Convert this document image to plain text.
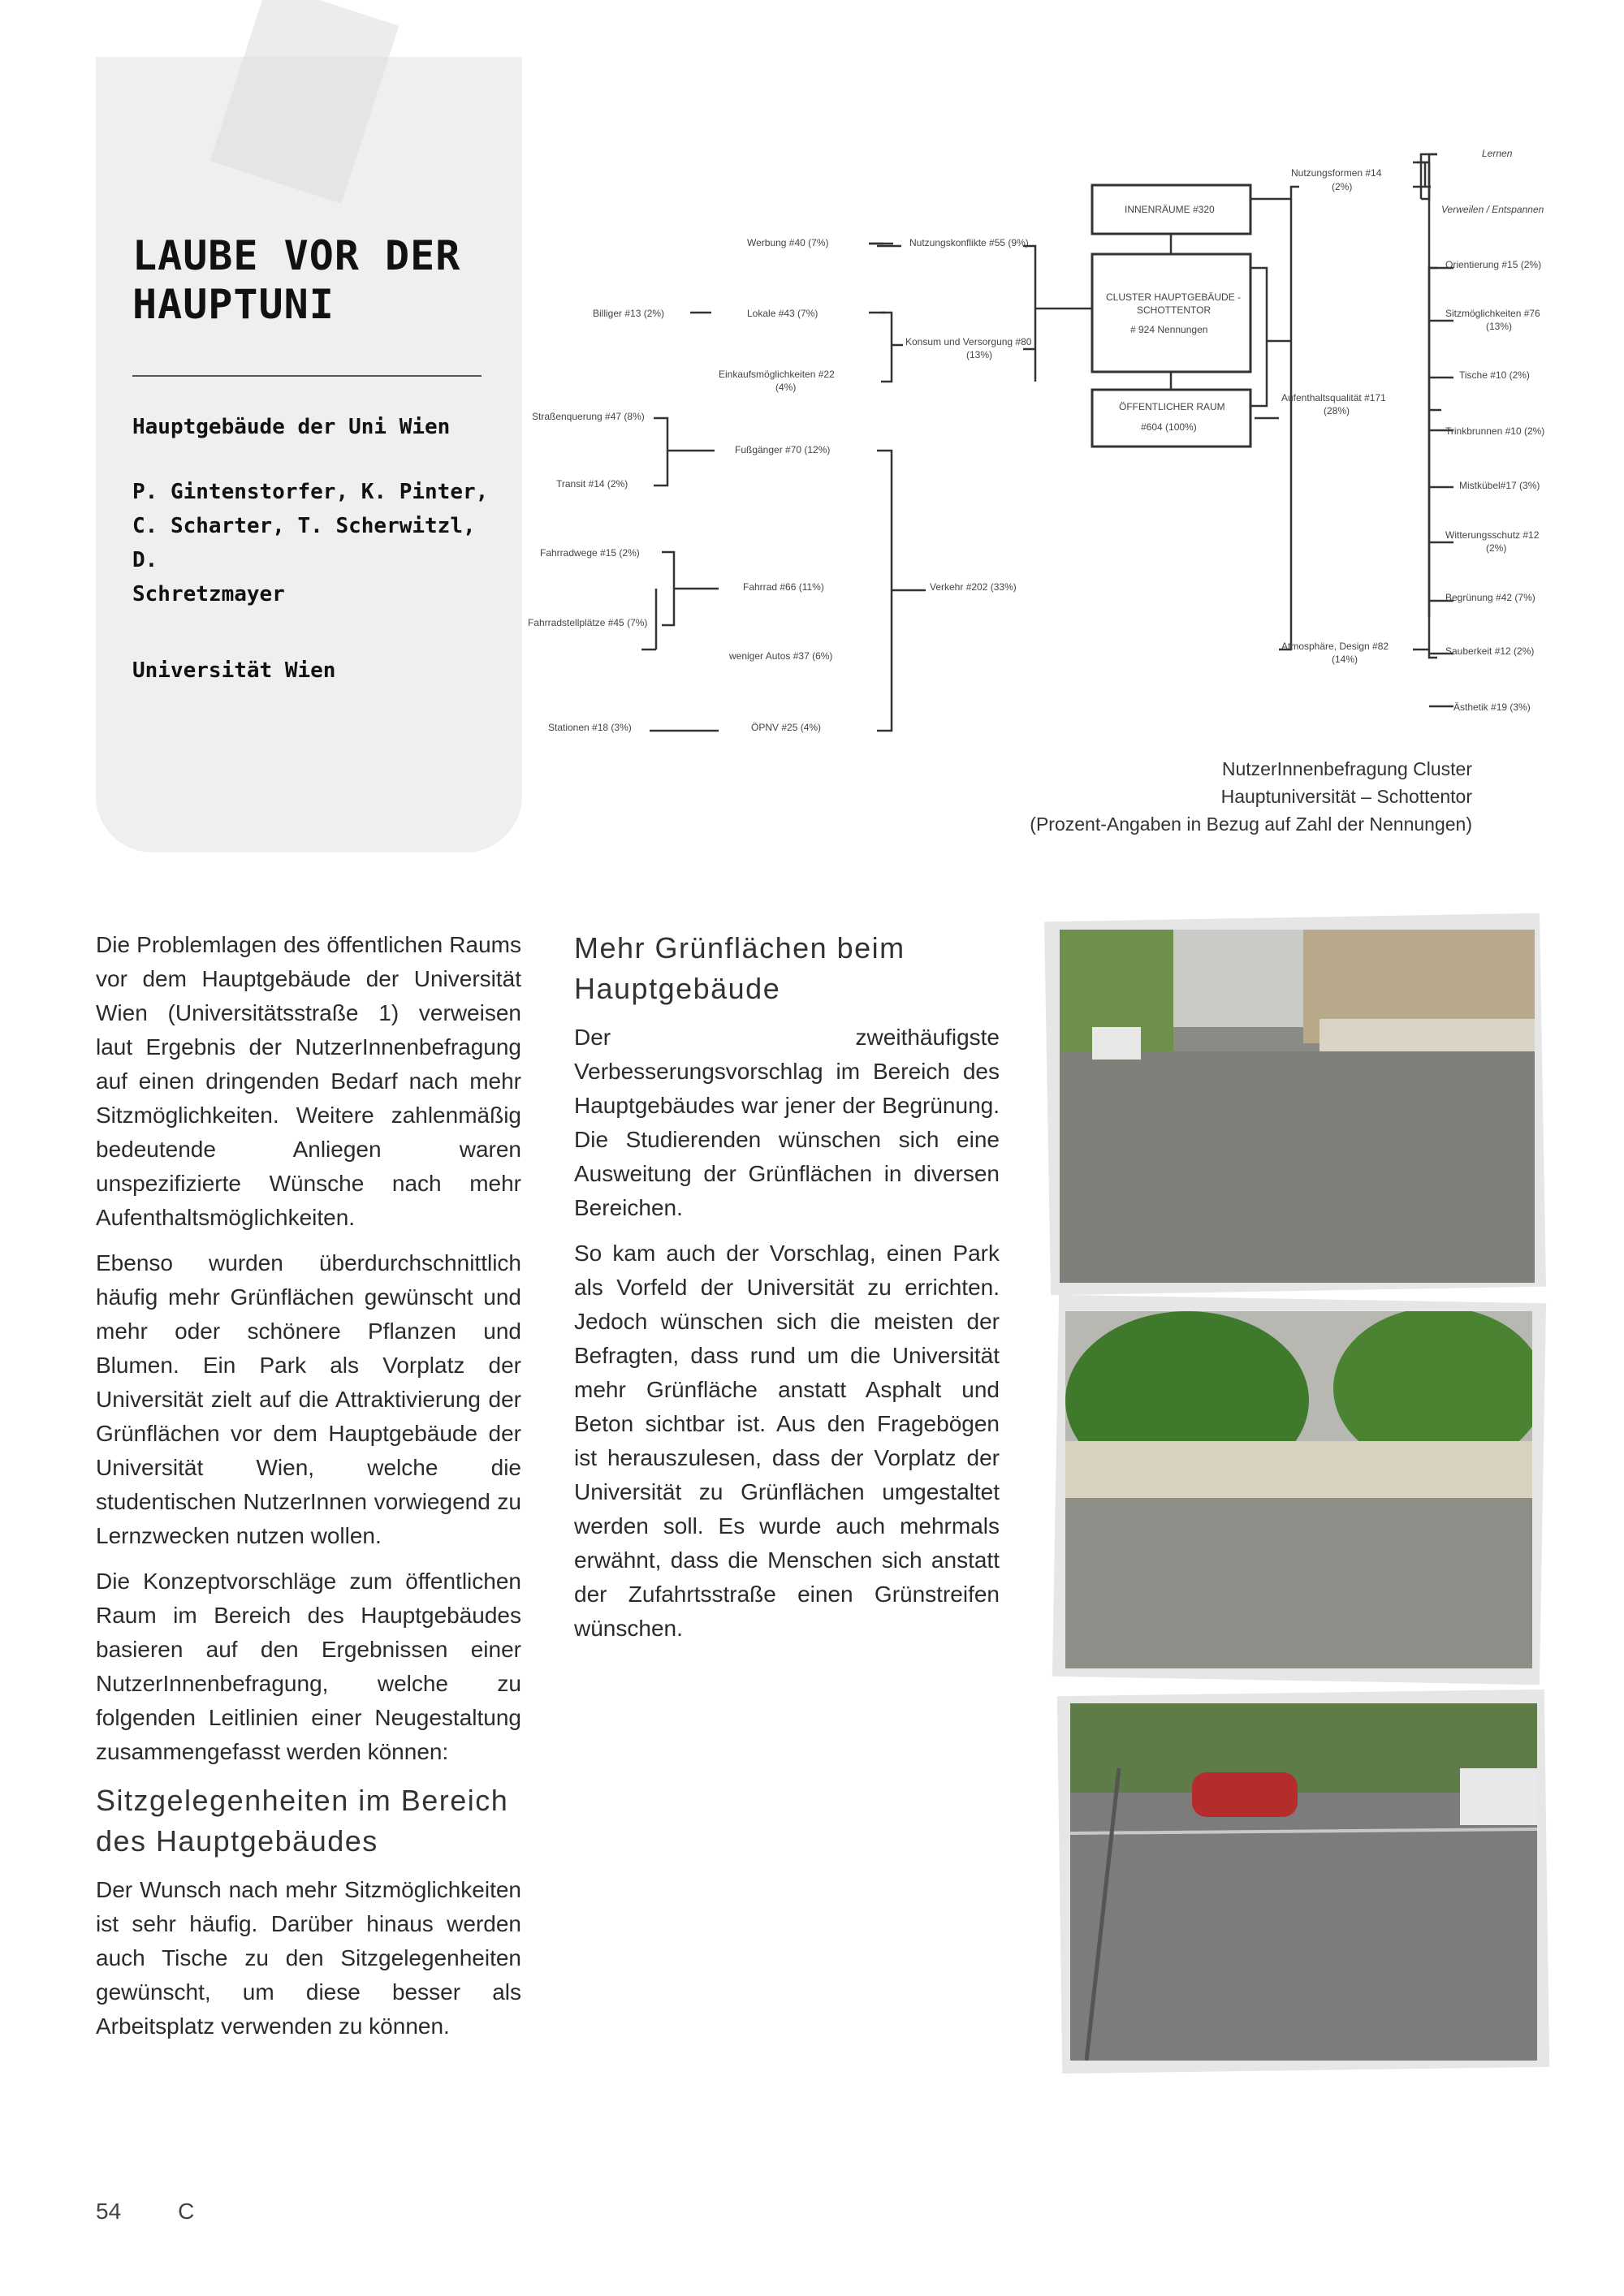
LAUBE VOR DER
HAUPTUNI
Hauptgebäude der Uni Wien
P. Gintenstorfer, K. Pinter,
C. Scharter, T. Scherwitzl, D.
Schretzmayer
Universität Wien
Werbung #40 (7%)	Nutzungskonflikte #55 (9%)
Billiger #13 (2%)	Lokale #43 (7%)
Konsum und Versorgung #80
(13%)
Einkaufsmöglichkeiten #22
(4%)
Straßenquerung #47 (8%)
Fußgänger #70 (12%)
Transit #14 (2%)
Fahrradwege #15 (2%)
Fahrrad #66 (11%)	Verkehr #202 (33%)
Fahrradstellplätze #45 (7%)
weniger Autos #37 (6%)
Stationen #18 (3%)	ÖPNV #25 (4%)
INNENRÄUME #320
CLUSTER HAUPTGEBÄUDE -
SCHOTTENTOR
# 924 Nennungen
ÖFFENTLICHER RAUM
#604 (100%)
Nutzungsformen #14
(2%)
Lernen
Verweilen / Entspannen
Orientierung #15 (2%)
Sitzmöglichkeiten #76
(13%)
Tische #10 (2%)
Aufenthaltsqualität #171
(28%)
Trinkbrunnen #10 (2%)
Mistkübel#17 (3%)
Witterungsschutz #12
(2%)
Begrünung #42 (7%)
Atmosphäre, Design #82
(14%)
Sauberkeit #12 (2%)
Ästhetik #19 (3%)
NutzerInnenbefragung Cluster
Hauptuniversität – Schottentor
(Prozent-Angaben in Bezug auf Zahl der Nennungen)

Die Problemlagen des öffentlichen Raums vor dem Hauptgebäude der Universität Wien (Universitätsstraße 1) verweisen laut Ergebnis der NutzerInnenbefragung auf einen dringenden Bedarf nach mehr Sitzmöglichkeiten. Weitere zahlenmäßig bedeutende Anliegen waren unspezifizierte Wünsche nach mehr Aufenthaltsmöglichkeiten.

Ebenso wurden überdurchschnittlich häufig mehr Grünflächen gewünscht und mehr oder schönere Pflanzen und Blumen. Ein Park als Vorplatz der Universität zielt auf die Attraktivierung der Grünflächen vor dem Hauptgebäude der Universität Wien, welche die studentischen NutzerInnen vorwiegend zu Lernzwecken nutzen wollen.

Die Konzeptvorschläge zum öffentlichen Raum im Bereich des Hauptgebäudes basieren auf den Ergebnissen einer NutzerInnenbefragung, welche zu folgenden Leitlinien einer Neugestaltung zusammengefasst werden können:

Sitzgelegenheiten im Bereich des Hauptgebäudes

Der Wunsch nach mehr Sitzmöglichkeiten ist sehr häufig. Darüber hinaus werden auch Tische zu den Sitzgelegenheiten gewünscht, um diese besser als Arbeitsplatz verwenden zu können.

Mehr Grünflächen beim Hauptgebäude

Der zweithäufigste Verbesserungsvorschlag im Bereich des Hauptgebäudes war jener der Begrünung. Die Studierenden wünschen sich eine Ausweitung der Grünflächen in diversen Bereichen.

So kam auch der Vorschlag, einen Park als Vorfeld der Universität zu errichten. Jedoch wünschen sich die meisten der Befragten, dass rund um die Universität mehr Grünfläche anstatt Asphalt und Beton sichtbar ist. Aus den Fragebögen ist herauszulesen, dass der Vorplatz der Universität zu Grünflächen umgestaltet werden soll. Es wurde auch mehrmals erwähnt, dass die Menschen sich anstatt der Zufahrtsstraße einen Grünstreifen wünschen.

54	C
